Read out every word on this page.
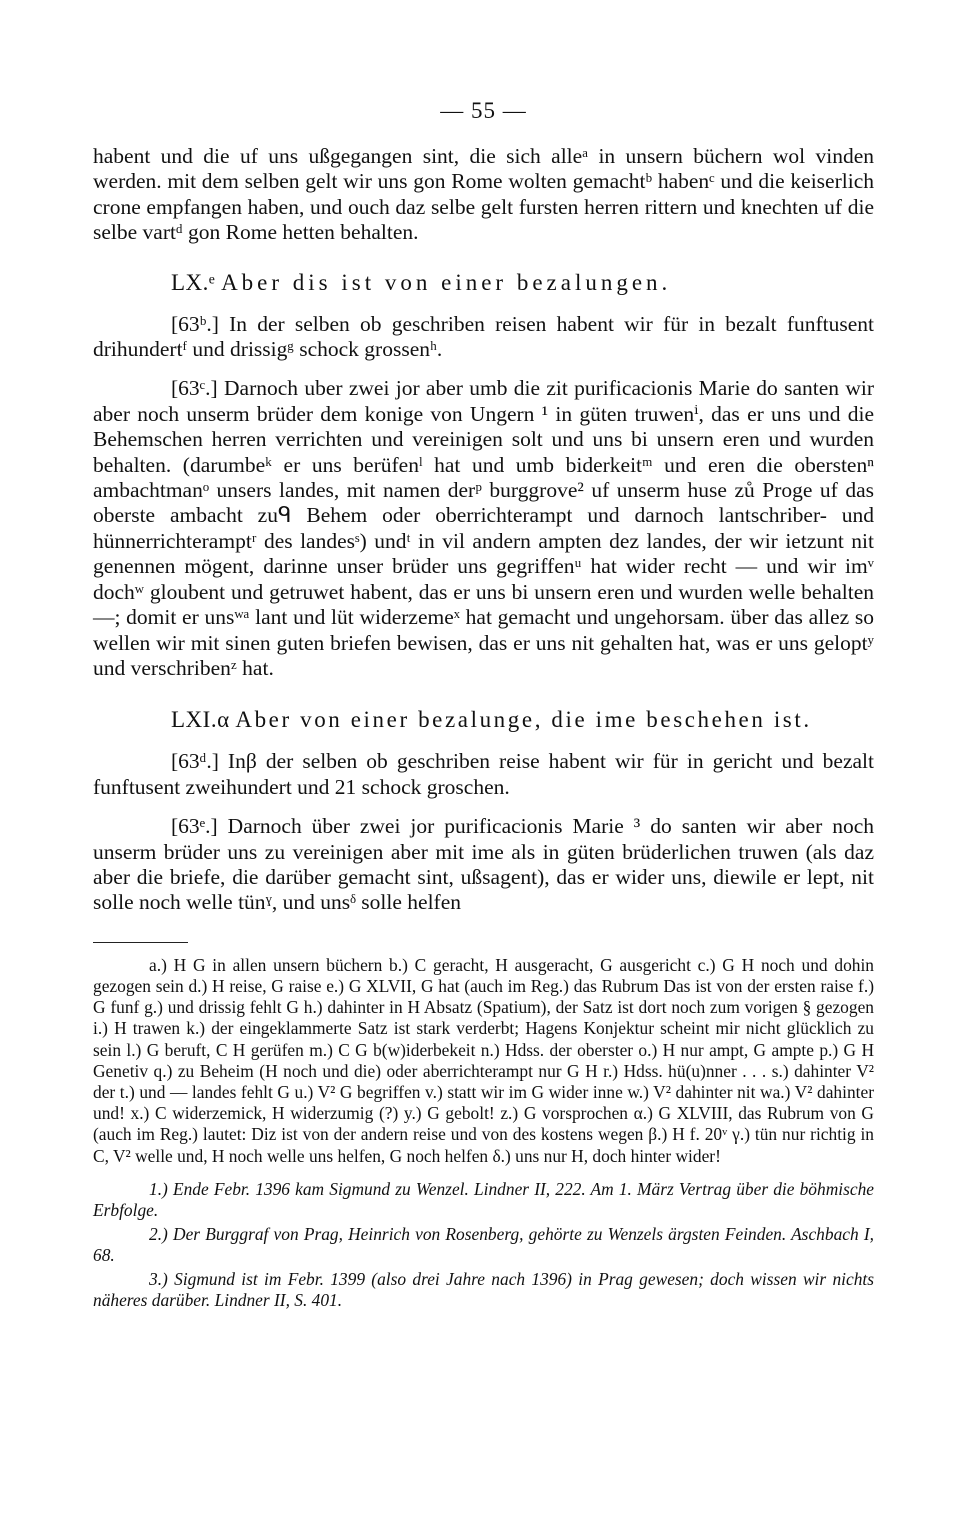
— 55 —

habent und die uf uns ußgegangen sint, die sich alleᵃ in unsern büchern wol vinden werden. mit dem selben gelt wir uns gon Rome wolten gemachtᵇ habenᶜ und die keiserlich crone empfangen haben, und ouch daz selbe gelt fursten herren rittern und knechten uf die selbe vartᵈ gon Rome hetten behalten.

LX.ᵉ Aber dis ist von einer bezalungen.

[63ᵇ.] In der selben ob geschriben reisen habent wir für in bezalt funftusent drihundertᶠ und drissigᵍ schock grossenʰ.

[63ᶜ.] Darnoch uber zwei jor aber umb die zit purificacionis Marie do santen wir aber noch unserm brüder dem konige von Ungern ¹ in güten truwenⁱ, das er uns und die Behemschen herren verrichten und vereinigen solt und uns bi unsern eren und wurden behalten. (darumbeᵏ er uns berüfenˡ hat und umb biderkeitᵐ und eren die oberstenⁿ ambachtmanᵒ unsers landes, mit namen derᵖ burggrove² uf unserm huse zů Proge uf das oberste ambacht zuᑫ Behem oder oberrichterampt und darnoch lantschriber- und hünnerrichteramptʳ des landesˢ) undᵗ in vil andern ampten dez landes, der wir ietzunt nit genennen mögent, darinne unser brüder uns gegriffenᵘ hat wider recht — und wir imᵛ dochʷ gloubent und getruwet habent, das er uns bi unsern eren und wurden welle behalten —; domit er unsʷᵃ lant und lüt widerzemeˣ hat gemacht und ungehorsam. über das allez so wellen wir mit sinen guten briefen bewisen, das er uns nit gehalten hat, was er uns geloptʸ und verschribenᶻ hat.

LXI.α Aber von einer bezalunge, die ime beschehen ist.

[63ᵈ.] Inβ der selben ob geschriben reise habent wir für in gericht und bezalt funftusent zweihundert und 21 schock groschen.

[63ᵉ.] Darnoch über zwei jor purificacionis Marie ³ do santen wir aber noch unserm brüder uns zu vereinigen aber mit ime als in güten brüderlichen truwen (als daz aber die briefe, die darüber gemacht sint, ußsagent), das er wider uns, diewile er lept, nit solle noch welle tünˠ, und unsᵟ solle helfen

a.) H G in allen unsern büchern b.) C geracht, H ausgeracht, G ausgericht c.) G H noch und dohin gezogen sein d.) H reise, G raise e.) G XLVII, G hat (auch im Reg.) das Rubrum Das ist von der ersten raise f.) G funf g.) und drissig fehlt G h.) dahinter in H Absatz (Spatium), der Satz ist dort noch zum vorigen § gezogen i.) H trawen k.) der eingeklammerte Satz ist stark verderbt; Hagens Konjektur scheint mir nicht glücklich zu sein l.) G beruft, C H gerüfen m.) C G b(w)iderbekeit n.) Hdss. der oberster o.) H nur ampt, G ampte p.) G H Genetiv q.) zu Beheim (H noch und die) oder aberrichterampt nur G H r.) Hdss. hü(u)nner . . . s.) dahinter V² der t.) und — landes fehlt G u.) V² G begriffen v.) statt wir im G wider inne w.) V² dahinter nit wa.) V² dahinter und! x.) C widerzemick, H widerzumig (?) y.) G gebolt! z.) G vorsprochen α.) G XLVIII, das Rubrum von G (auch im Reg.) lautet: Diz ist von der andern reise und von des kostens wegen β.) H f. 20ᵛ γ.) tün nur richtig in C, V² welle und, H noch welle uns helfen, G noch helfen δ.) uns nur H, doch hinter wider!

1.) Ende Febr. 1396 kam Sigmund zu Wenzel. Lindner II, 222. Am 1. März Vertrag über die böhmische Erbfolge.

2.) Der Burggraf von Prag, Heinrich von Rosenberg, gehörte zu Wenzels ärgsten Feinden. Aschbach I, 68.

3.) Sigmund ist im Febr. 1399 (also drei Jahre nach 1396) in Prag gewesen; doch wissen wir nichts näheres darüber. Lindner II, S. 401.
